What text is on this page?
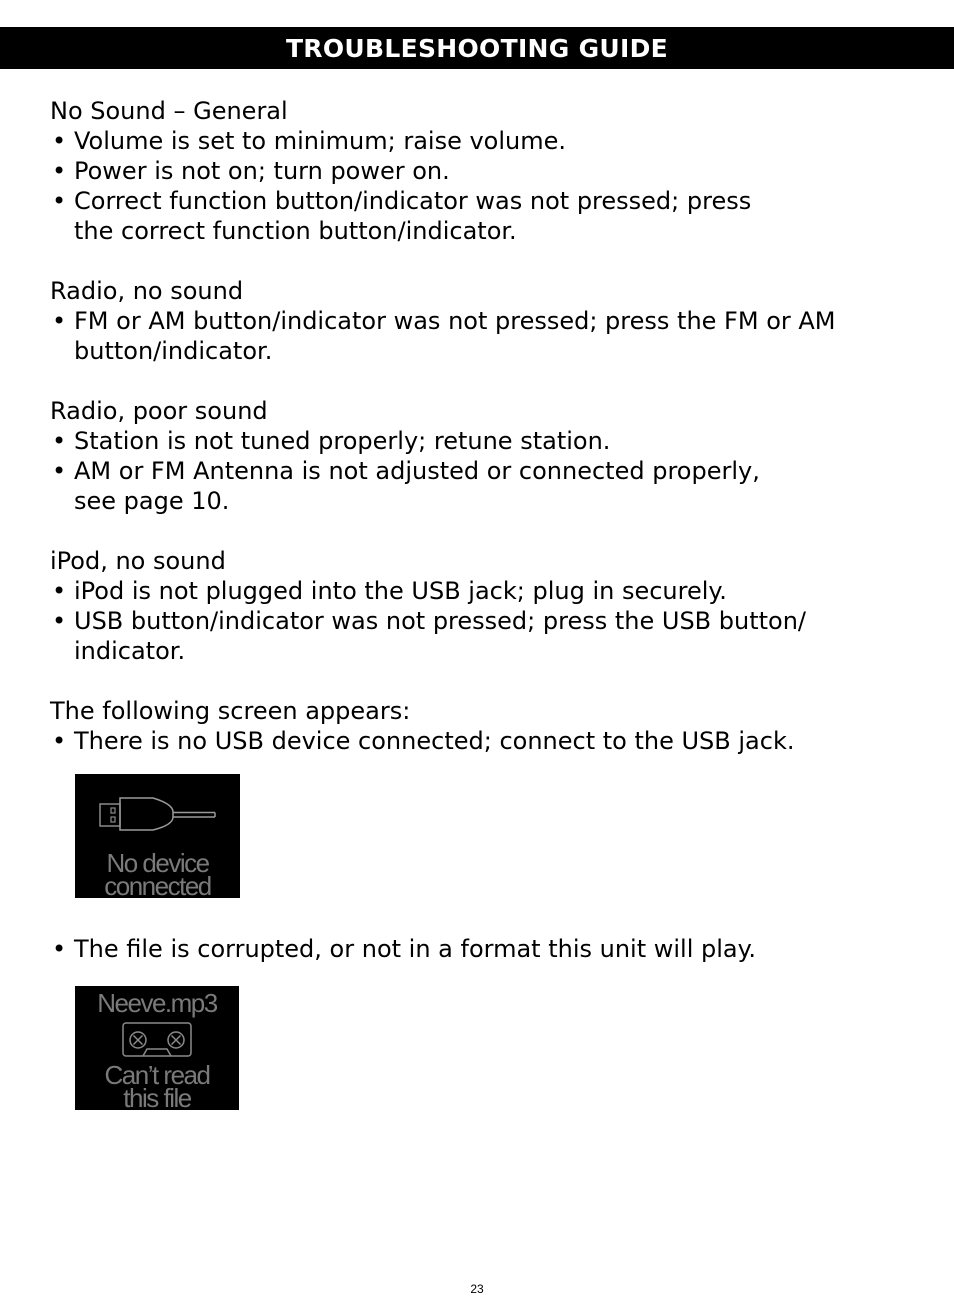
TROUBLESHOOTING GUIDE
No Sound – General
• Volume is set to minimum; raise volume.
• Power is not on; turn power on.
• Correct function button/indicator was not pressed; press the correct function button/indicator.
Radio, no sound
• FM or AM button/indicator was not pressed; press the FM or AM button/indicator.
Radio, poor sound
• Station is not tuned properly; retune station.
• AM or FM Antenna is not adjusted or connected properly, see page 10.
iPod, no sound
• iPod is not plugged into the USB jack; plug in securely.
• USB button/indicator was not pressed; press the USB button/ indicator.
The following screen appears:
• There is no USB device connected; connect to the USB jack.
No device
connected
• The file is corrupted, or not in a format this unit will play.
Neeve.mp3
Can’t read
this file
23
